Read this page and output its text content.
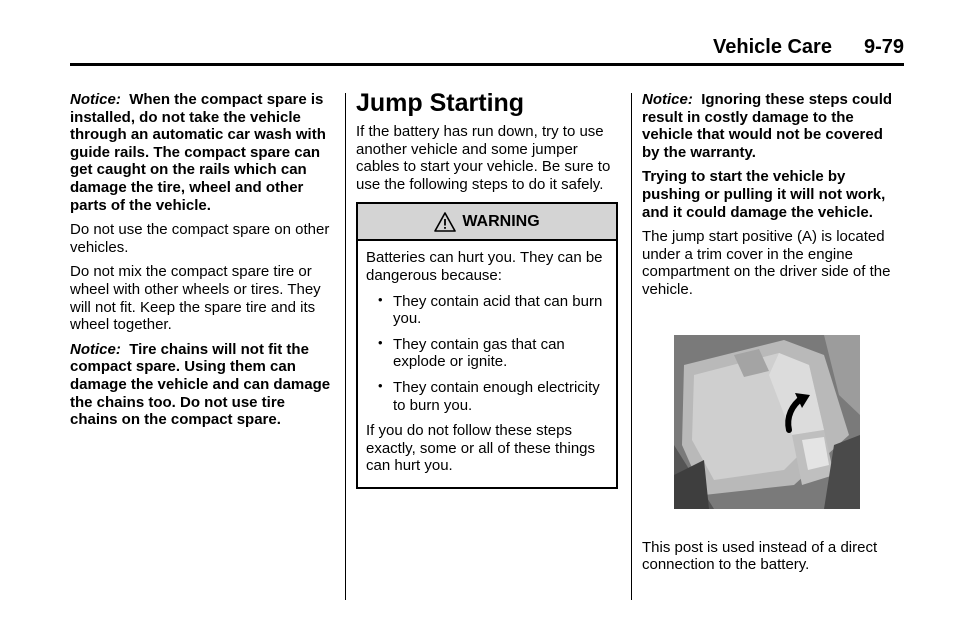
Vehicle Care 9-79

Notice: When the compact spare is installed, do not take the vehicle through an automatic car wash with guide rails. The compact spare can get caught on the rails which can damage the tire, wheel and other parts of the vehicle.

Do not use the compact spare on other vehicles.

Do not mix the compact spare tire or wheel with other wheels or tires. They will not fit. Keep the spare tire and its wheel together.

Notice: Tire chains will not fit the compact spare. Using them can damage the vehicle and can damage the chains too. Do not use tire chains on the compact spare.

Jump Starting

If the battery has run down, try to use another vehicle and some jumper cables to start your vehicle. Be sure to use the following steps to do it safely.

WARNING

Batteries can hurt you. They can be dangerous because:

• They contain acid that can burn you.
• They contain gas that can explode or ignite.
• They contain enough electricity to burn you.

If you do not follow these steps exactly, some or all of these things can hurt you.

Notice: Ignoring these steps could result in costly damage to the vehicle that would not be covered by the warranty.

Trying to start the vehicle by pushing or pulling it will not work, and it could damage the vehicle.

The jump start positive (A) is located under a trim cover in the engine compartment on the driver side of the vehicle.

This post is used instead of a direct connection to the battery.
